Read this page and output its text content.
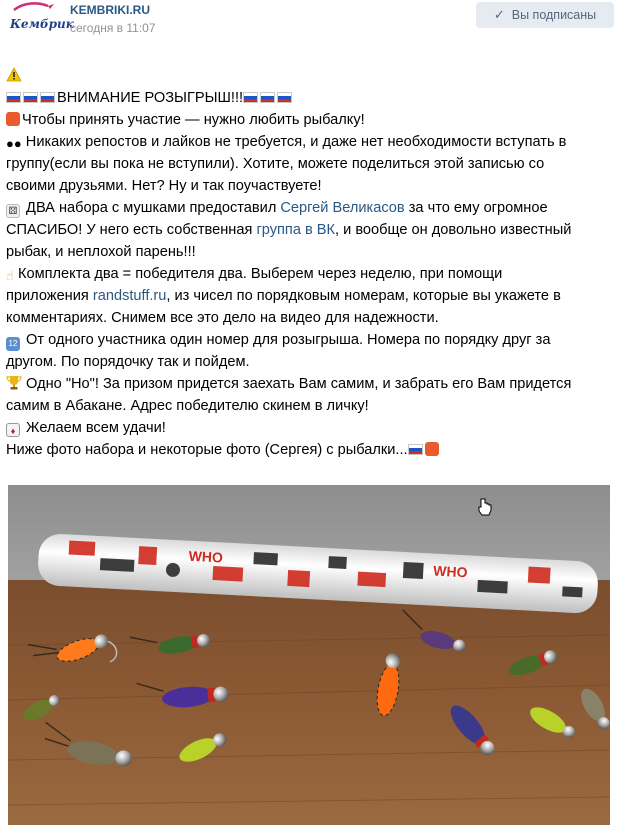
Кембрик
KEMBRIKI.RU
сегодня в 11:07
✓ Вы подписаны
ВНИМАНИЕ РОЗЫГРЫШ!!!
Чтобы принять участие — нужно любить рыбалку!
●● Никаких репостов и лайков не требуется, и даже нет необходимости вступать в
группу(если вы пока не вступили). Хотите, можете поделиться этой записью со
своими друзьями. Нет? Ну и так поучаствуете!
⚄ ДВА набора с мушками предоставил Сергей Великасов за что ему огромное
СПАСИБО! У него есть собственная группа в ВК, и вообще он довольно известный
рыбак, и неплохой парень!!!
☝ Комплекта два = победителя два. Выберем через неделю, при помощи
приложения randstuff.ru, из чисел по порядковым номерам, которые вы укажете в
комментариях. Снимем все это дело на видео для надежности.
12 От одного участника один номер для розыгрыша. Номера по порядку друг за
другом. По порядочку так и пойдем.
Одно "Но"! За призом придется заехать Вам самим, и забрать его Вам придется
самим в Абакане. Адрес победителю скинем в личку!
♦ Желаем всем удачи!
Ниже фото набора и некоторые фото (Сергея) с рыбалки...
WHO
WHO
